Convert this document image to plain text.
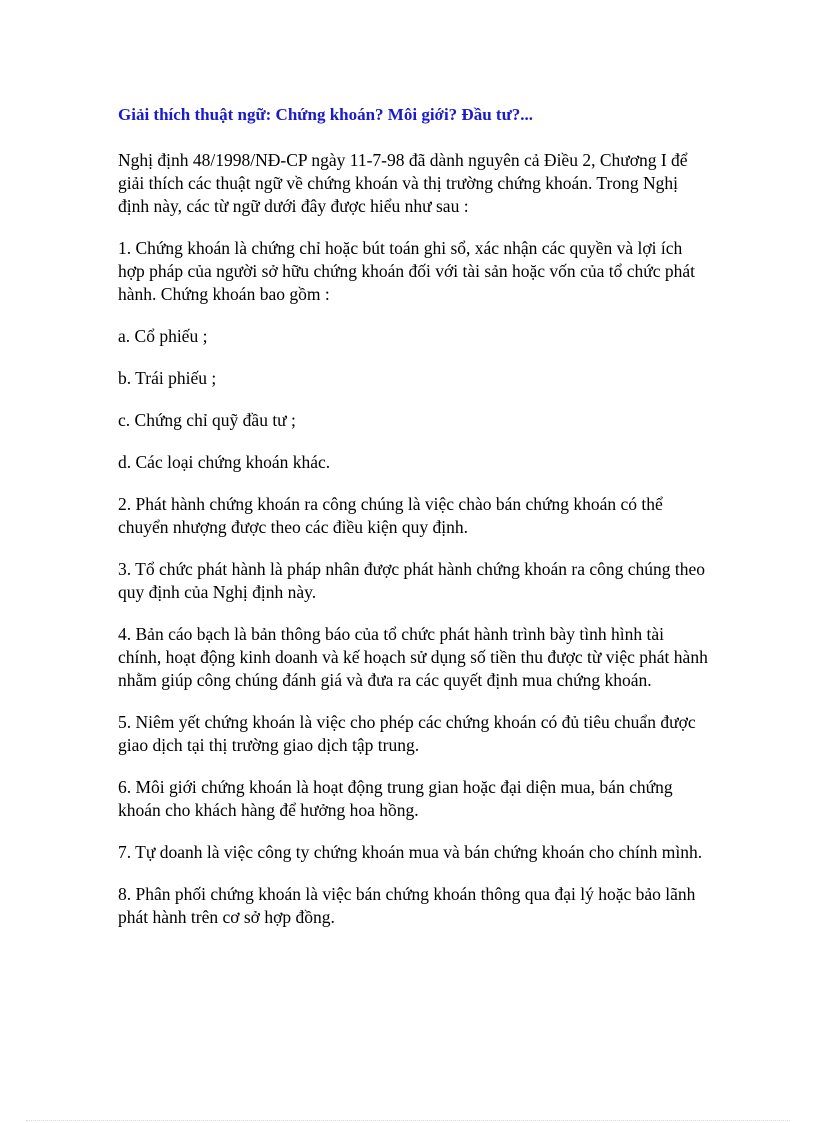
Giải thích thuật ngữ: Chứng khoán? Môi giới? Đầu tư?...
Nghị định 48/1998/NĐ-CP ngày 11-7-98 đã dành nguyên cả Điều 2, Chương I để giải thích các thuật ngữ về chứng khoán và thị trường chứng khoán. Trong Nghị định này, các từ ngữ dưới đây được hiểu như sau :
1. Chứng khoán là chứng chỉ hoặc bút toán ghi sổ, xác nhận các quyền và lợi ích hợp pháp của người sở hữu chứng khoán đối với tài sản hoặc vốn của tổ chức phát hành. Chứng khoán bao gồm :
a. Cổ phiếu ;
b. Trái phiếu ;
c. Chứng chỉ quỹ đầu tư ;
d. Các loại chứng khoán khác.
2. Phát hành chứng khoán ra công chúng là việc chào bán chứng khoán có thể chuyển nhượng được theo các điều kiện quy định.
3. Tổ chức phát hành là pháp nhân được phát hành chứng khoán ra công chúng theo quy định của Nghị định này.
4. Bản cáo bạch là bản thông báo của tổ chức phát hành trình bày tình hình tài chính, hoạt động kinh doanh và kế hoạch sử dụng số tiền thu được từ việc phát hành nhằm giúp công chúng đánh giá và đưa ra các quyết định mua chứng khoán.
5. Niêm yết chứng khoán là việc cho phép các chứng khoán có đủ tiêu chuẩn được giao dịch tại thị trường giao dịch tập trung.
6. Môi giới chứng khoán là hoạt động trung gian hoặc đại diện mua, bán chứng khoán cho khách hàng để hưởng hoa hồng.
7. Tự doanh là việc công ty chứng khoán mua và bán chứng khoán cho chính mình.
8. Phân phối chứng khoán là việc bán chứng khoán thông qua đại lý hoặc bảo lãnh phát hành trên cơ sở hợp đồng.
